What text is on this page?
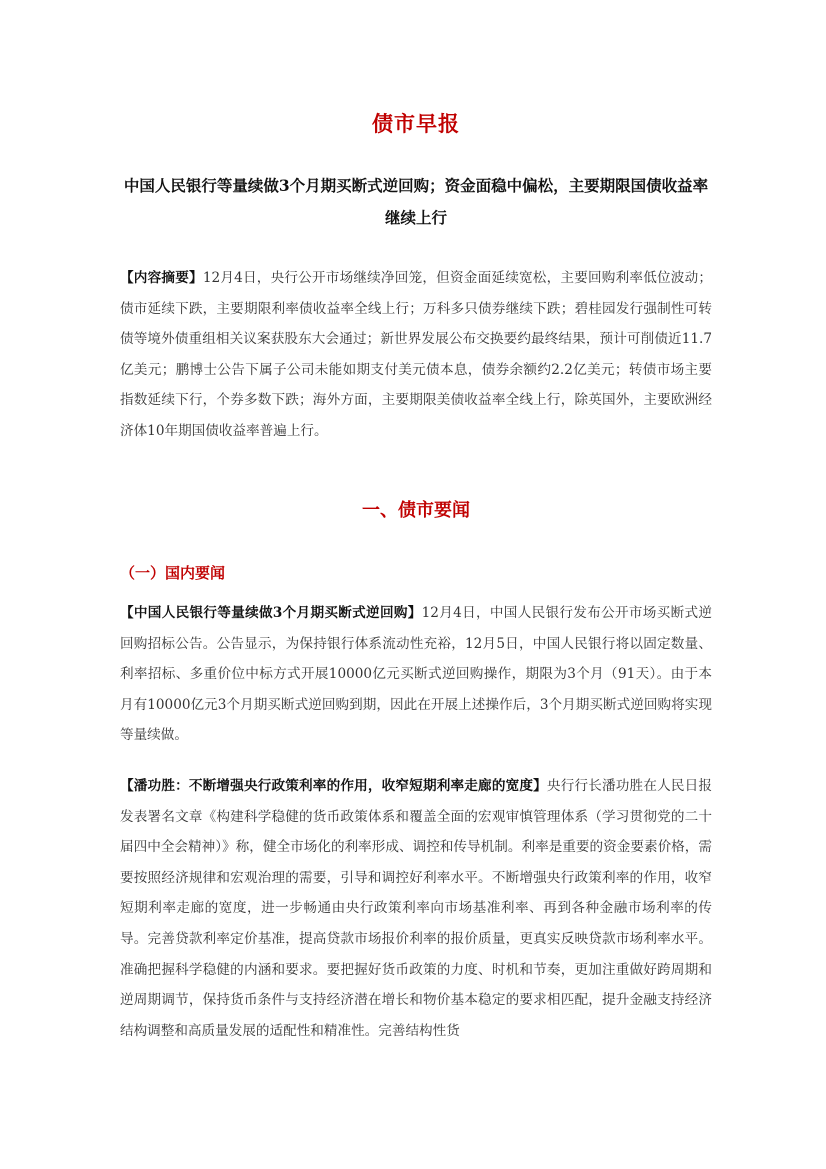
债市早报
中国人民银行等量续做3个月期买断式逆回购；资金面稳中偏松，主要期限国债收益率继续上行

【内容摘要】12月4日，央行公开市场继续净回笼，但资金面延续宽松，主要回购利率低位波动；债市延续下跌，主要期限利率债收益率全线上行；万科多只债券继续下跌；碧桂园发行强制性可转债等境外债重组相关议案获股东大会通过；新世界发展公布交换要约最终结果，预计可削债近11.7亿美元；鹏博士公告下属子公司未能如期支付美元债本息，债券余额约2.2亿美元；转债市场主要指数延续下行，个券多数下跌；海外方面，主要期限美债收益率全线上行，除英国外，主要欧洲经济体10年期国债收益率普遍上行。

一、债市要闻
（一）国内要闻

【中国人民银行等量续做3个月期买断式逆回购】12月4日，中国人民银行发布公开市场买断式逆回购招标公告。公告显示，为保持银行体系流动性充裕，12月5日，中国人民银行将以固定数量、利率招标、多重价位中标方式开展10000亿元买断式逆回购操作，期限为3个月（91天）。由于本月有10000亿元3个月期买断式逆回购到期，因此在开展上述操作后，3个月期买断式逆回购将实现等量续做。

【潘功胜：不断增强央行政策利率的作用，收窄短期利率走廊的宽度】央行行长潘功胜在人民日报发表署名文章《构建科学稳健的货币政策体系和覆盖全面的宏观审慎管理体系（学习贯彻党的二十届四中全会精神）》称，健全市场化的利率形成、调控和传导机制。利率是重要的资金要素价格，需要按照经济规律和宏观治理的需要，引导和调控好利率水平。不断增强央行政策利率的作用，收窄短期利率走廊的宽度，进一步畅通由央行政策利率向市场基准利率、再到各种金融市场利率的传导。完善贷款利率定价基准，提高贷款市场报价利率的报价质量，更真实反映贷款市场利率水平。准确把握科学稳健的内涵和要求。要把握好货币政策的力度、时机和节奏，更加注重做好跨周期和逆周期调节，保持货币条件与支持经济潜在增长和物价基本稳定的要求相匹配，提升金融支持经济结构调整和高质量发展的适配性和精准性。完善结构性货
